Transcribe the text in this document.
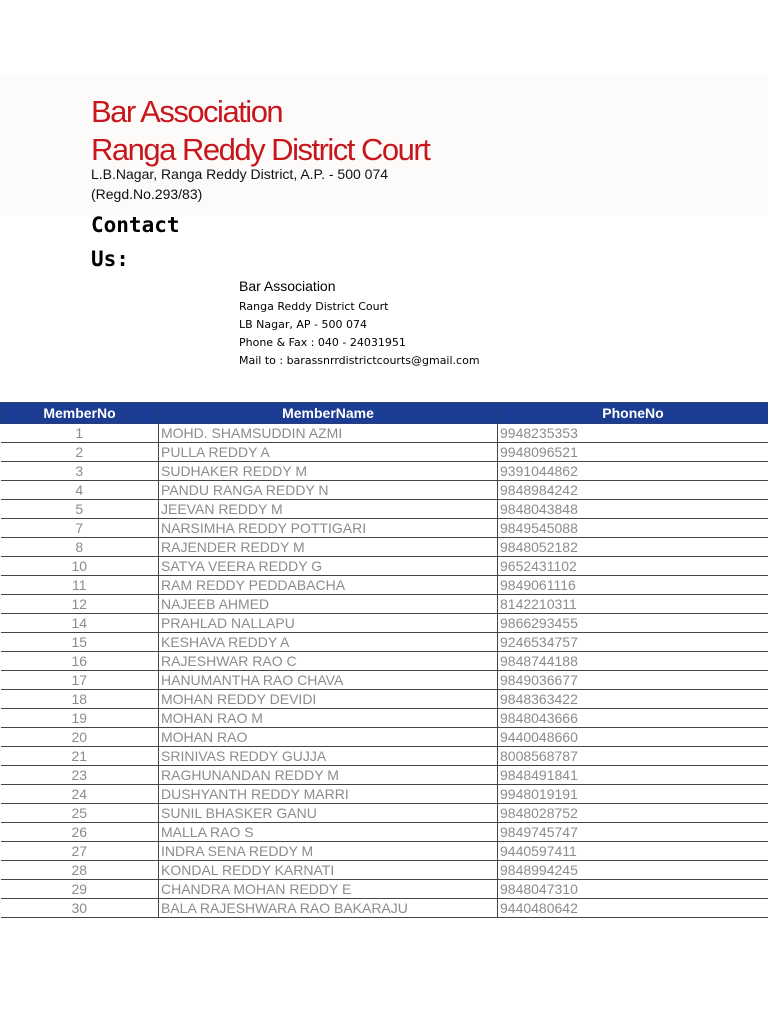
Bar Association
Ranga Reddy District Court
L.B.Nagar, Ranga Reddy District, A.P. - 500 074
(Regd.No.293/83)
Contact
Us:
Bar Association
Ranga Reddy District Court
LB Nagar, AP - 500 074
Phone & Fax : 040 - 24031951
Mail to : barassnrrdistrictcourts@gmail.com
MemberNo	MemberName	PhoneNo
1	MOHD. SHAMSUDDIN AZMI	9948235353
2	PULLA REDDY A	9948096521
3	SUDHAKER REDDY M	9391044862
4	PANDU RANGA REDDY N	9848984242
5	JEEVAN REDDY M	9848043848
7	NARSIMHA REDDY POTTIGARI	9849545088
8	RAJENDER REDDY M	9848052182
10	SATYA VEERA REDDY G	9652431102
11	RAM REDDY PEDDABACHA	9849061116
12	NAJEEB AHMED	8142210311
14	PRAHLAD NALLAPU	9866293455
15	KESHAVA REDDY A	9246534757
16	RAJESHWAR RAO C	9848744188
17	HANUMANTHA RAO CHAVA	9849036677
18	MOHAN REDDY DEVIDI	9848363422
19	MOHAN RAO M	9848043666
20	MOHAN RAO	9440048660
21	SRINIVAS REDDY GUJJA	8008568787
23	RAGHUNANDAN REDDY M	9848491841
24	DUSHYANTH REDDY MARRI	9948019191
25	SUNIL BHASKER GANU	9848028752
26	MALLA RAO S	9849745747
27	INDRA SENA REDDY M	9440597411
28	KONDAL REDDY KARNATI	9848994245
29	CHANDRA MOHAN REDDY E	9848047310
30	BALA RAJESHWARA RAO BAKARAJU	9440480642
